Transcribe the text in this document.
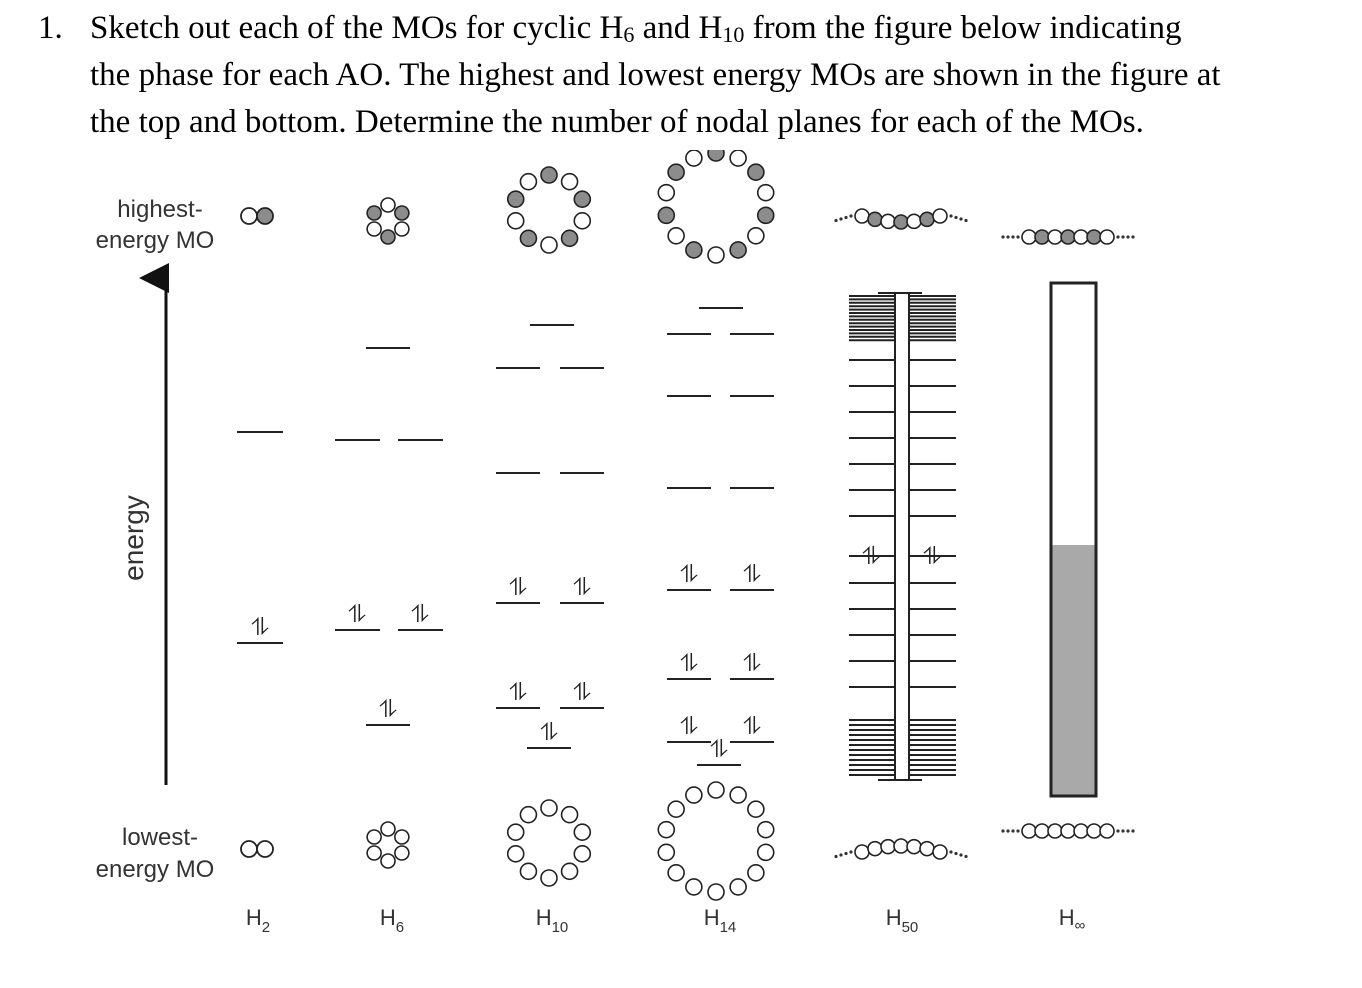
1. Sketch out each of the MOs for cyclic $H_6$ and $H_{10}$ from the figure below indicating
the phase for each AO. The highest and lowest energy MOs are shown in the figure at
the top and bottom. Determine the number of nodal planes for each of the MOs.
highest-
energy MO
lowest-
energy MO
energy
$H_2$	$H_6$	$H_{10}$	$H_{14}$	$H_{50}$	$H_\infty$
⥮	⥮ ⥮
⥮
⥮ ⥮
⥮ ⥮
⥮
⥮ ⥮
⥮ ⥮
⥮ ⥮
⥮
⥮ ⥮
